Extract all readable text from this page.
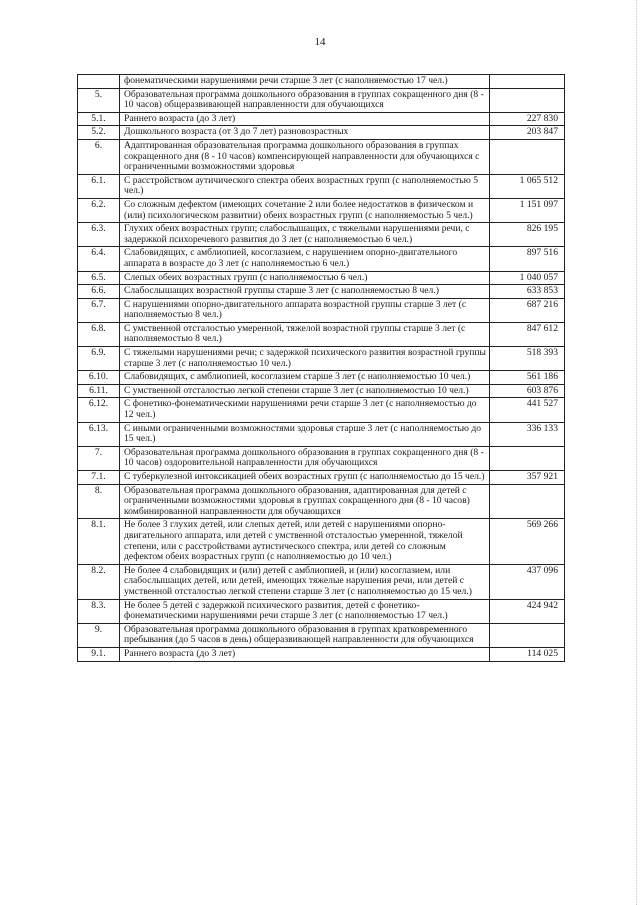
14
	фонематическими нарушениями речи старше 3 лет (с наполняемостью 17 чел.)	
5.	Образовательная программа дошкольного образования в группах сокращенного дня (8 - 10 часов) общеразвивающей направленности для обучающихся	
5.1.	Раннего возраста (до 3 лет)	227 830
5.2.	Дошкольного возраста (от 3 до 7 лет) разновозрастных	203 847
6.	Адаптированная образовательная программа дошкольного образования в группах сокращенного дня (8 - 10 часов) компенсирующей направленности для обучающихся с ограниченными возможностями здоровья	
6.1.	С расстройством аутичического спектра обеих возрастных групп (с наполняемостью 5 чел.)	1 065 512
6.2.	Со сложным дефектом (имеющих сочетание 2 или более недостатков в физическом и (или) психологическом развитии) обеих возрастных групп (с наполняемостью 5 чел.)	1 151 097
6.3.	Глухих обеих возрастных групп; слабослышащих, с тяжелыми нарушениями речи, с задержкой психоречевого развития до 3 лет (с наполняемостью 6 чел.)	826 195
6.4.	Слабовидящих, с амблиопией, косоглазием, с нарушением опорно-двигательного аппарата в возрасте до 3 лет (с наполняемостью 6 чел.)	897 516
6.5.	Слепых обеих возрастных групп (с наполняемостью 6 чел.)	1 040 057
6.6.	Слабослышащих возрастной группы старше 3 лет (с наполняемостью 8 чел.)	633 853
6.7.	С нарушениями опорно-двигательного аппарата возрастной группы старше 3 лет (с наполняемостью 8 чел.)	687 216
6.8.	С умственной отсталостью умеренной, тяжелой возрастной группы старше 3 лет (с наполняемостью 8 чел.)	847 612
6.9.	С тяжелыми нарушениями речи; с задержкой психического развития возрастной группы старше 3 лет (с наполняемостью 10 чел.)	518 393
6.10.	Слабовидящих, с амблиопией, косоглазием старше 3 лет (с наполняемостью 10 чел.)	561 186
6.11.	С умственной отсталостью легкой степени старше 3 лет (с наполняемостью 10 чел.)	603 876
6.12.	С фонетико-фонематическими нарушениями речи старше 3 лет (с наполняемостью до 12 чел.)	441 527
6.13.	С иными ограниченными возможностями здоровья старше 3 лет (с наполняемостью до 15 чел.)	336 133
7.	Образовательная программа дошкольного образования в группах сокращенного дня (8 - 10 часов) оздоровительной направленности для обучающихся	
7.1.	С туберкулезной интоксикацией обеих возрастных групп (с наполняемостью до 15 чел.)	357 921
8.	Образовательная программа дошкольного образования, адаптированная для детей с ограниченными возможностями здоровья в группах сокращенного дня (8 - 10 часов) комбинированной направленности для обучающихся	
8.1.	Не более 3 глухих детей, или слепых детей, или детей с нарушениями опорно-двигательного аппарата, или детей с умственной отсталостью умеренной, тяжелой степени, или с расстройствами аутистического спектра, или детей со сложным дефектом обеих возрастных групп (с наполняемостью до 10 чел.)	569 266
8.2.	Не более 4 слабовидящих и (или) детей с амблиопией, и (или) косоглазием, или слабослышащих детей, или детей, имеющих тяжелые нарушения речи, или детей с умственной отсталостью легкой степени старше 3 лет (с наполняемостью до 15 чел.)	437 096
8.3.	Не более 5 детей с задержкой психического развития, детей с фонетико-фонематическими нарушениями речи старше 3 лет (с наполняемостью 17 чел.)	424 942
9.	Образовательная программа дошкольного образования в группах кратковременного пребывания (до 5 часов в день) общеразвивающей направленности для обучающихся	
9.1.	Раннего возраста (до 3 лет)	114 025
